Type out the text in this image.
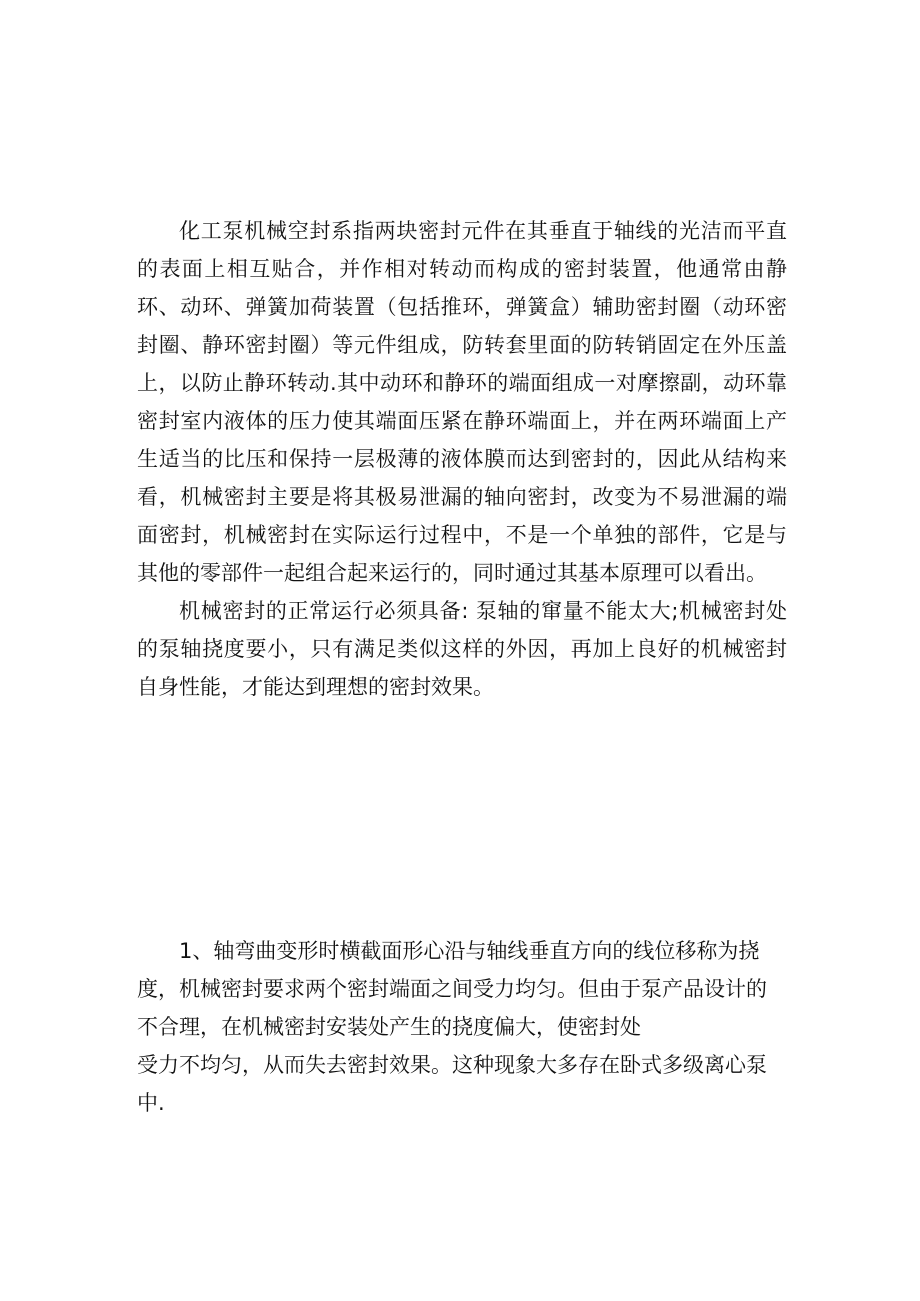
化工泵机械空封系指两块密封元件在其垂直于轴线的光洁而平直的表面上相互贴合，并作相对转动而构成的密封装置，他通常由静环、动环、弹簧加荷装置（包括推环，弹簧盒）辅助密封圈（动环密封圈、静环密封圈）等元件组成，防转套里面的防转销固定在外压盖上，以防止静环转动.其中动环和静环的端面组成一对摩擦副，动环靠密封室内液体的压力使其端面压紧在静环端面上，并在两环端面上产生适当的比压和保持一层极薄的液体膜而达到密封的，因此从结构来看，机械密封主要是将其极易泄漏的轴向密封，改变为不易泄漏的端面密封，机械密封在实际运行过程中，不是一个单独的部件，它是与其他的零部件一起组合起来运行的，同时通过其基本原理可以看出。

机械密封的正常运行必须具备: 泵轴的窜量不能太大;机械密封处的泵轴挠度要小，只有满足类似这样的外因，再加上良好的机械密封自身性能，才能达到理想的密封效果。

1、轴弯曲变形时横截面形心沿与轴线垂直方向的线位移称为挠
度，机械密封要求两个密封端面之间受力均匀。但由于泵产品设计的
不合理，在机械密封安装处产生的挠度偏大，使密封处
受力不均匀，从而失去密封效果。这种现象大多存在卧式多级离心泵
中.
